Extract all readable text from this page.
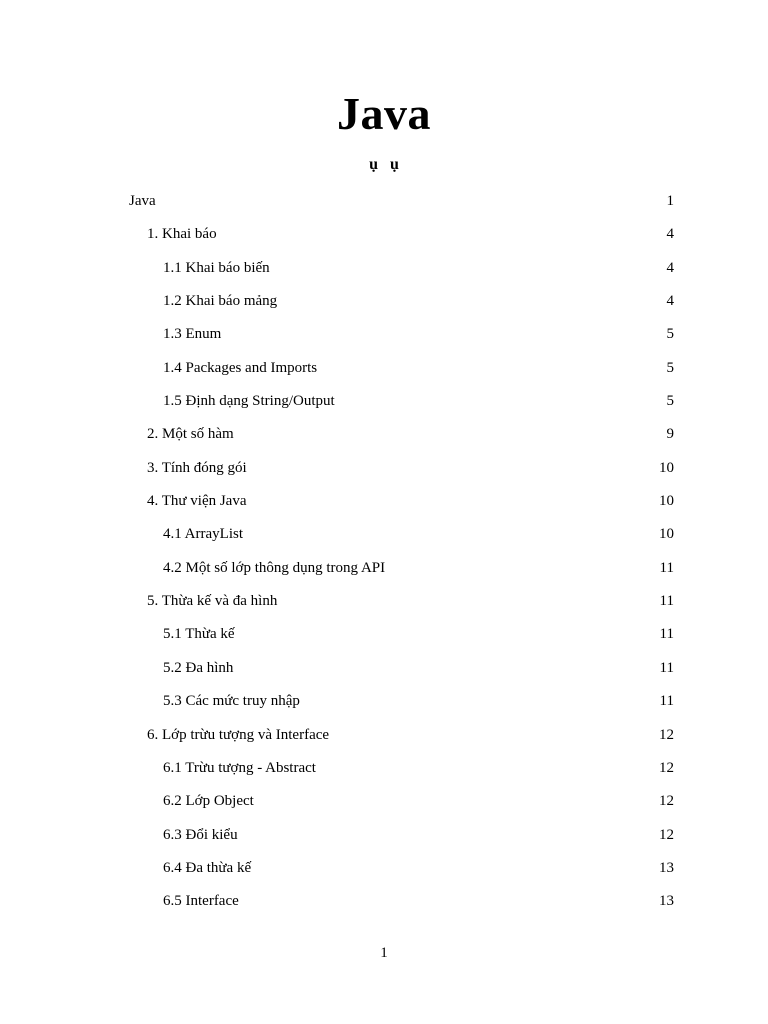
Java
ụ   ụ
Java	1
1. Khai báo	4
1.1 Khai báo biến	4
1.2 Khai báo mảng	4
1.3 Enum	5
1.4 Packages and Imports	5
1.5 Định dạng String/Output	5
2. Một số hàm	9
3. Tính đóng gói	10
4. Thư viện Java	10
4.1 ArrayList	10
4.2 Một số lớp thông dụng trong API	11
5. Thừa kế và đa hình	11
5.1 Thừa kế	11
5.2 Đa hình	11
5.3 Các mức truy nhập	11
6. Lớp trừu tượng và Interface	12
6.1 Trừu tượng - Abstract	12
6.2 Lớp Object	12
6.3 Đổi kiểu	12
6.4 Đa thừa kế	13
6.5 Interface	13
1
